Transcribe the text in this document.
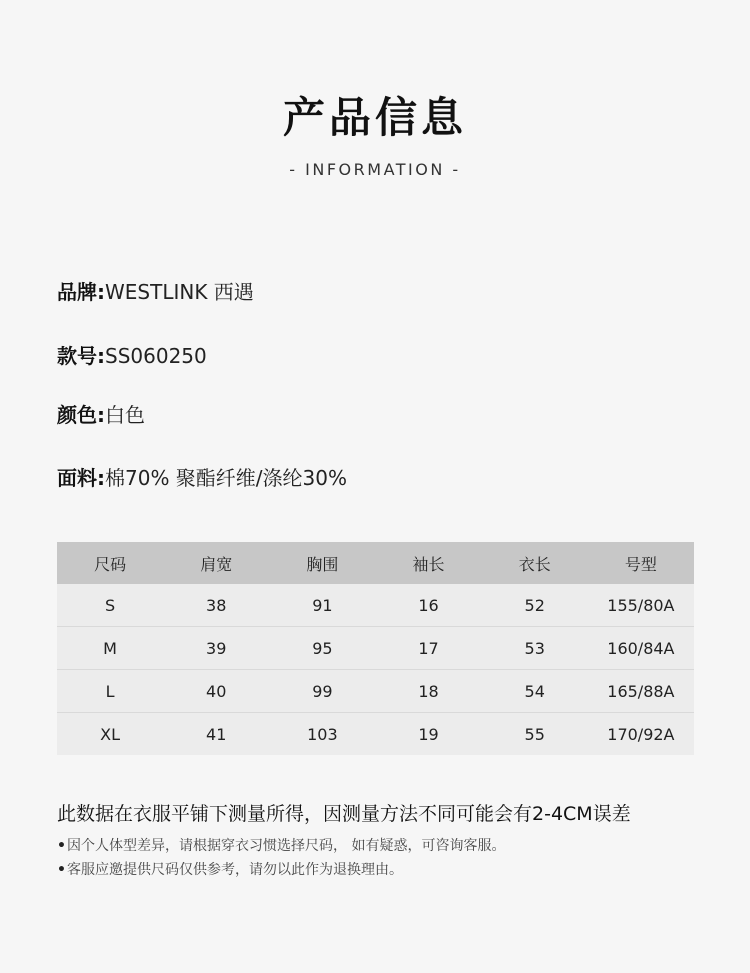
产品信息
- INFORMATION -
品牌:WESTLINK 西遇
款号:SS060250
颜色:白色
面料:棉70% 聚酯纤维/涤纶30%
尺码	肩宽	胸围	袖长	衣长	号型
S	38	91	16	52	155/80A
M	39	95	17	53	160/84A
L	40	99	18	54	165/88A
XL	41	103	19	55	170/92A
此数据在衣服平铺下测量所得，因测量方法不同可能会有2-4CM误差
•因个人体型差异，请根据穿衣习惯选择尺码， 如有疑惑，可咨询客服。
•客服应邀提供尺码仅供参考，请勿以此作为退换理由。
